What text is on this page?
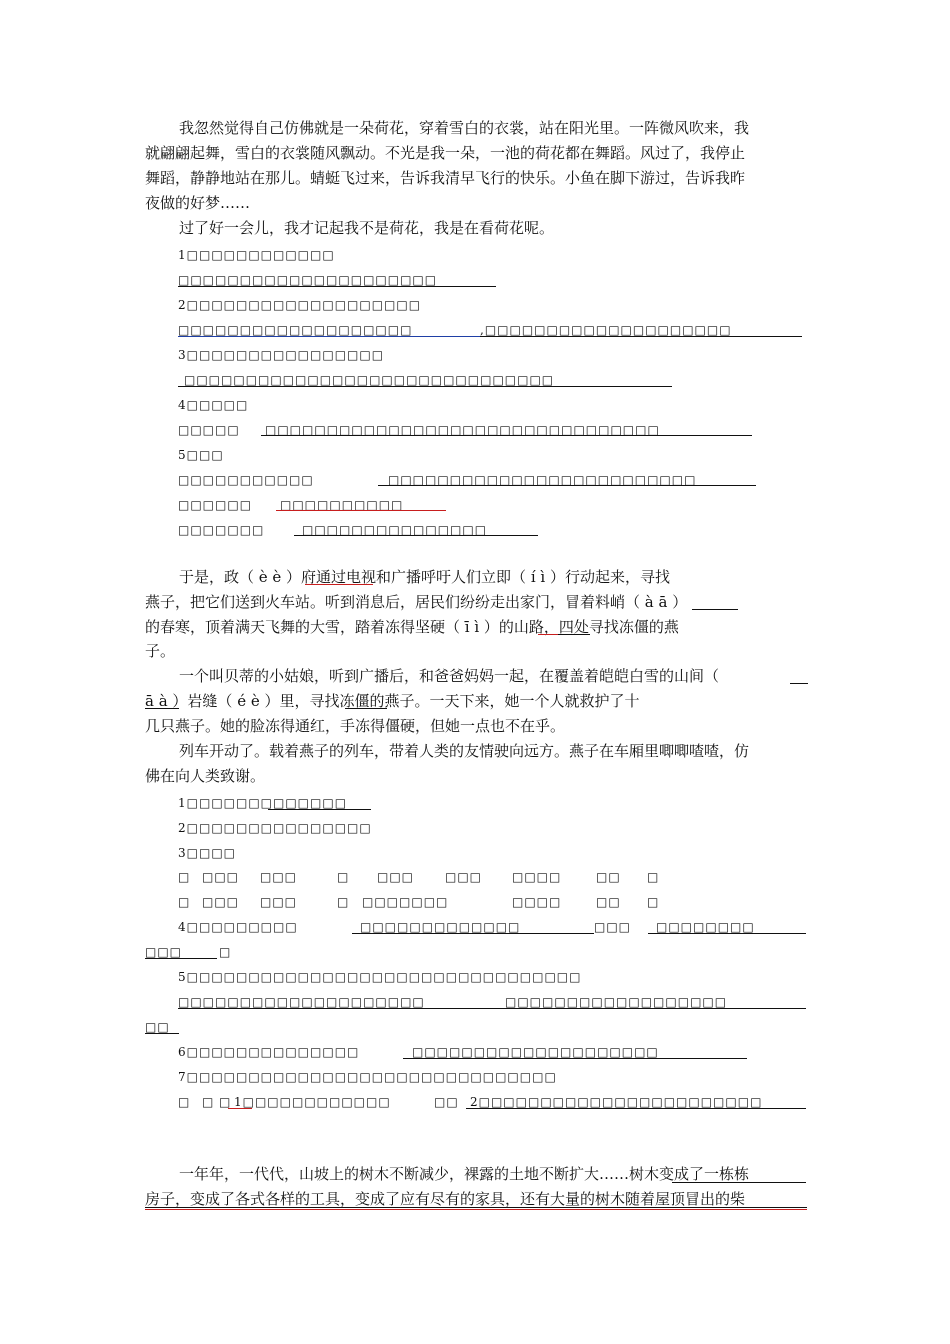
我忽然觉得自己仿佛就是一朵荷花，穿着雪白的衣裳，站在阳光里。一阵微风吹来，我
就翩翩起舞，雪白的衣裳随风飘动。不光是我一朵，一池的荷花都在舞蹈。风过了，我停止
舞蹈，静静地站在那儿。蜻蜓飞过来，告诉我清早飞行的快乐。小鱼在脚下游过，告诉我昨
夜做的好梦……
过了好一会儿，我才记起我不是荷花，我是在看荷花呢。
1□□□□□□□□□□□□
□□□□□□□□□□□□□□□□□□□□□
2□□□□□□□□□□□□□□□□□□□
□□□□□□□□□□□□□□□□□□□	,□□□□□□□□□□□□□□□□□□□□
3□□□□□□□□□□□□□□□□
□□□□□□□□□□□□□□□□□□□□□□□□□□□□□□
4□□□□□
□□□□□ □□□□□□□□□□□□□□□□□□□□□□□□□□□□□□□□
5□□□
□□□□□□□□□□□	□□□□□□□□□□□□□□□□□□□□□□□□□
□□□□□□ □□□□□□□□□□
□□□□□□□	□□□□□□□□□□□□□□□
于是，政（ è è ）府通过电视和广播呼吁人们立即（ í ì ）行动起来，寻找
燕子，把它们送到火车站。听到消息后，居民们纷纷走出家门，冒着料峭（ à ā ）
的春寒，顶着满天飞舞的大雪，踏着冻得坚硬（ ī ì ）的山路，四处寻找冻僵的燕
子。
一个叫贝蒂的小姑娘，听到广播后，和爸爸妈妈一起，在覆盖着皑皑白雪的山间（
ā à ）岩缝（ é è ）里，寻找冻僵的燕子。一天下来，她一个人就救护了十
几只燕子。她的脸冻得通红，手冻得僵硬，但她一点也不在乎。
列车开动了。载着燕子的列车，带着人类的友情驶向远方。燕子在车厢里唧唧喳喳，仿
佛在向人类致谢。
1□□□□□□□□□□□□□
2□□□□□□□□□□□□□□□
3□□□□
□ □□□ □□□	□ □□□	□□□ □□□□	□□ □
□ □□□ □□□	□ □□□□□□□	□□□□	□□ □
4□□□□□□□□□	□□□□□□□□□□□□□	□□□ □□□□□□□□
□□□	□
5□□□□□□□□□□□□□□□□□□□□□□□□□□□□□□□□
□□□□□□□□□□□□□□□□□□□□	□□□□□□□□□□□□□□□□□□
□□
6□□□□□□□□□□□□□□	□□□□□□□□□□□□□□□□□□□□
7□□□□□□□□□□□□□□□□□□□□□□□□□□□□□□
□ □ □ 1□□□□□□□□□□□□	□□ 2□□□□□□□□□□□□□□□□□□□□□□□
一年年，一代代，山坡上的树木不断减少，裸露的土地不断扩大……树木变成了一栋栋
房子，变成了各式各样的工具，变成了应有尽有的家具，还有大量的树木随着屋顶冒出的柴
